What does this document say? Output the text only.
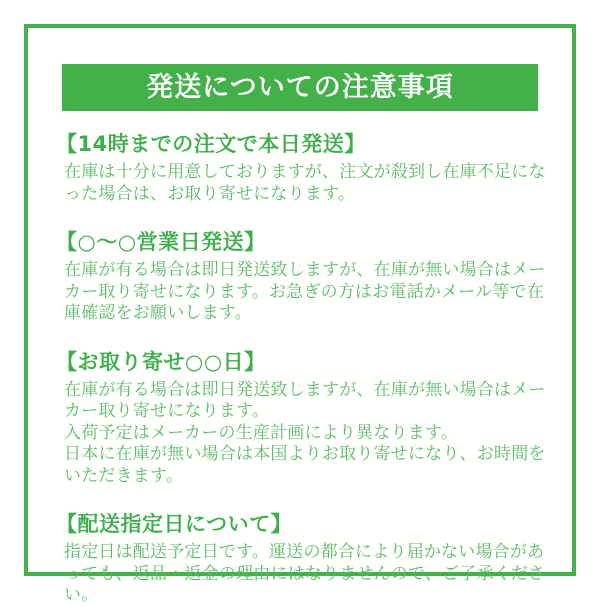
発送についての注意事項
【14時までの注文で本日発送】

在庫は十分に用意しておりますが、注文が殺到し在庫不足になった場合は、お取り寄せになります。

【○〜○営業日発送】

在庫が有る場合は即日発送致しますが、在庫が無い場合はメーカー取り寄せになります。お急ぎの方はお電話かメール等で在庫確認をお願いします。

【お取り寄せ○○日】

在庫が有る場合は即日発送致しますが、在庫が無い場合はメーカー取り寄せになります。

入荷予定はメーカーの生産計画により異なります。

日本に在庫が無い場合は本国よりお取り寄せになり、お時間をいただきます。

【配送指定日について】

指定日は配送予定日です。運送の都合により届かない場合があっても、返品・返金の理由にはなりませんので、ご了承ください。
